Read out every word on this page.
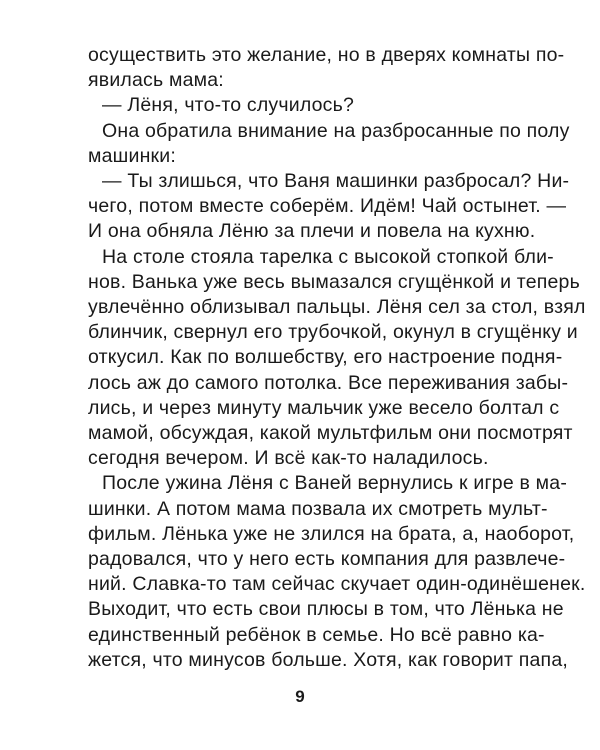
осуществить это желание, но в дверях комнаты по-
явилась мама:
— Лёня, что-то случилось?
Она обратила внимание на разбросанные по полу
машинки:
— Ты злишься, что Ваня машинки разбросал? Ни-
чего, потом вместе соберём. Идём! Чай остынет. —
И она обняла Лёню за плечи и повела на кухню.
На столе стояла тарелка с высокой стопкой бли-
нов. Ванька уже весь вымазался сгущёнкой и теперь
увлечённо облизывал пальцы. Лёня сел за стол, взял
блинчик, свернул его трубочкой, окунул в сгущёнку и
откусил. Как по волшебству, его настроение подня-
лось аж до самого потолка. Все переживания забы-
лись, и через минуту мальчик уже весело болтал с
мамой, обсуждая, какой мультфильм они посмотрят
сегодня вечером. И всё как-то наладилось.
После ужина Лёня с Ваней вернулись к игре в ма-
шинки. А потом мама позвала их смотреть мульт-
фильм. Лёнька уже не злился на брата, а, наоборот,
радовался, что у него есть компания для развлече-
ний. Славка-то там сейчас скучает один-одинёшенек.
Выходит, что есть свои плюсы в том, что Лёнька не
единственный ребёнок в семье. Но всё равно ка-
жется, что минусов больше. Хотя, как говорит папа,
9
